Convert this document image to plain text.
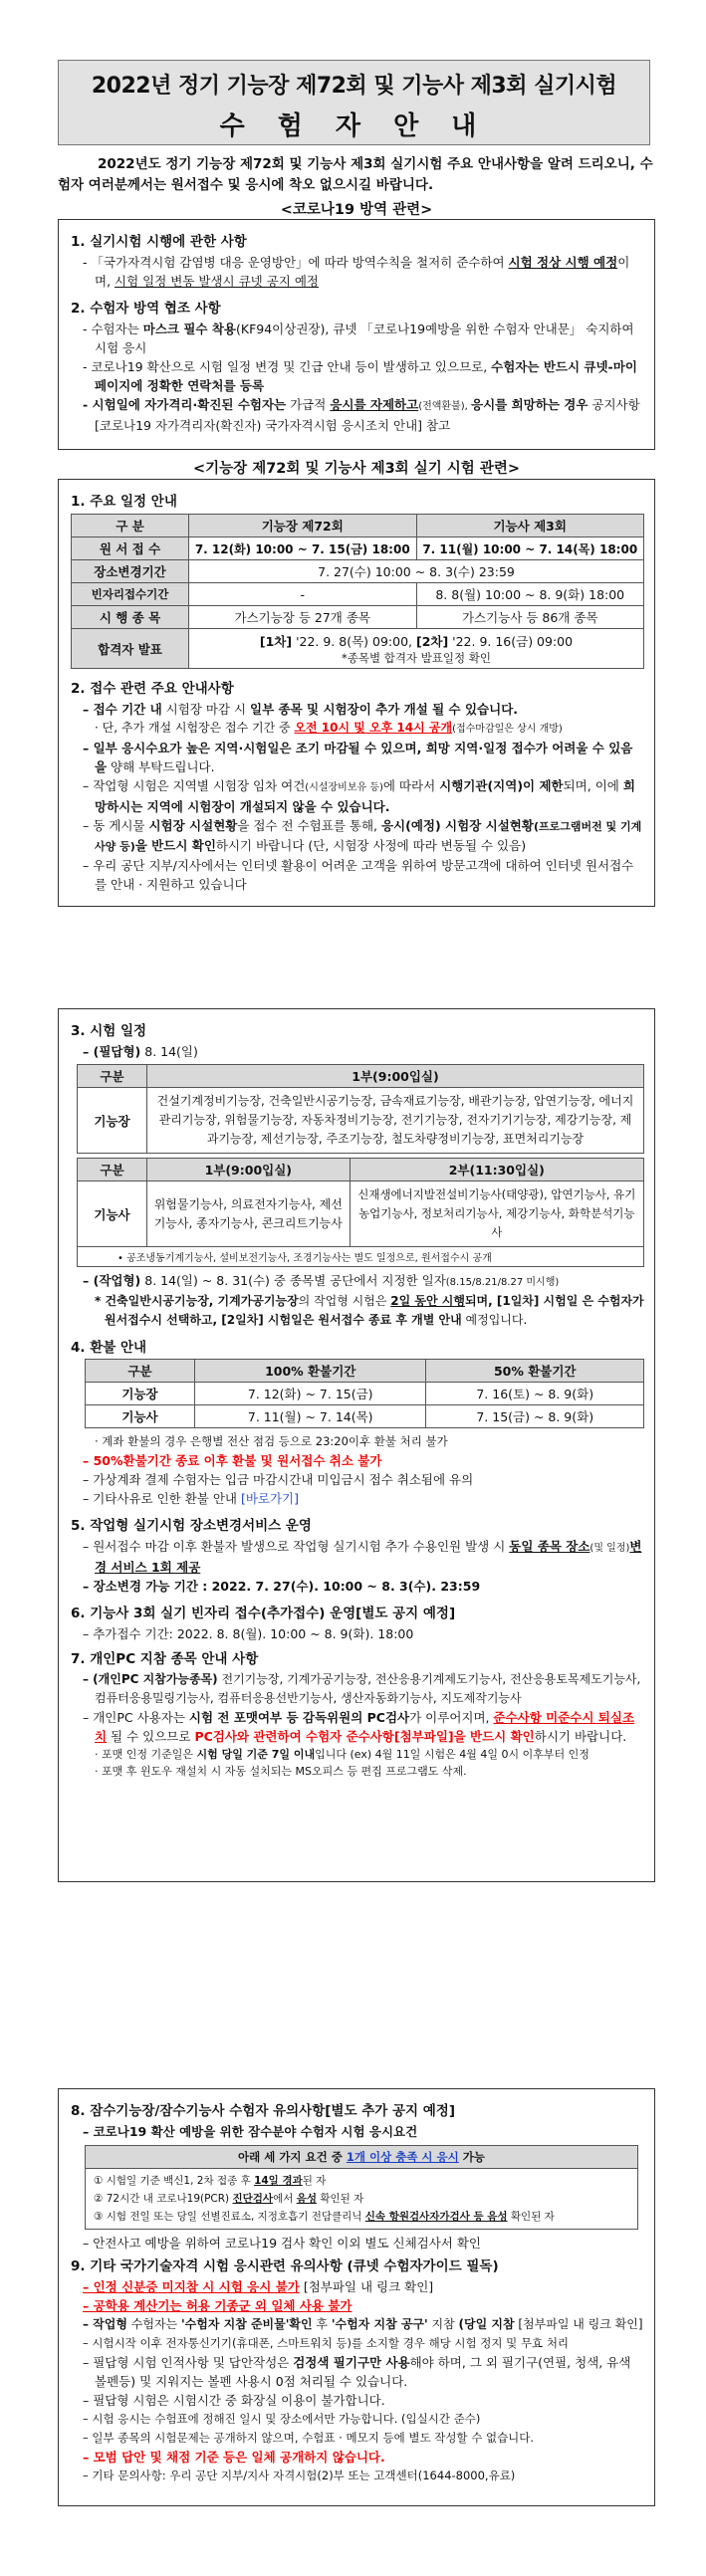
2022년 정기 기능장 제72회 및 기능사 제3회 실기시험
수 험 자 안 내
2022년도 정기 기능장 제72회 및 기능사 제3회 실기시험 주요 안내사항을 알려 드리오니, 수험자 여러분께서는 원서접수 및 응시에 착오 없으시길 바랍니다.
<코로나19 방역 관련>
1. 실기시험 시행에 관한 사항
- 「국가자격시험 감염병 대응 운영방안」에 따라 방역수칙을 철저히 준수하여 시험 정상 시행 예정이며, 시험 일정 변동 발생시 큐넷 공지 예정
2. 수험자 방역 협조 사항
- 수험자는 마스크 필수 착용(KF94이상권장), 큐넷 「코로나19예방을 위한 수험자 안내문」 숙지하여 시험 응시
- 코로나19 확산으로 시험 일정 변경 및 긴급 안내 등이 발생하고 있으므로, 수험자는 반드시 큐넷-마이페이지에 정확한 연락처를 등록
- 시험일에 자가격리·확진된 수험자는 가급적 응시를 자제하고(전액환불), 응시를 희망하는 경우 공지사항 [코로나19 자가격리자(확진자) 국가자격시험 응시조치 안내] 참고
<기능장 제72회 및 기능사 제3회 실기 시험 관련>
1. 주요 일정 안내
구 분	기능장 제72회	기능사 제3회
원 서 접 수	7. 12(화) 10:00 ~ 7. 15(금) 18:00	7. 11(월) 10:00 ~ 7. 14(목) 18:00
장소변경기간	7. 27(수) 10:00 ~ 8. 3(수) 23:59	
빈자리접수기간	-	8. 8(월) 10:00 ~ 8. 9(화) 18:00
시 행 종 목	가스기능장 등 27개 종목	가스기능사 등 86개 종목
합격자 발표	[1차] '22. 9. 8(목) 09:00, [2차] '22. 9. 16(금) 09:00
*종목별 합격자 발표일정 확인	
2. 접수 관련 주요 안내사항
– 접수 기간 내 시험장 마감 시 일부 종목 및 시험장이 추가 개설 될 수 있습니다.
· 단, 추가 개설 시험장은 접수 기간 중 오전 10시 및 오후 14시 공개(접수마감일은 상시 개방)
– 일부 응시수요가 높은 지역·시험일은 조기 마감될 수 있으며, 희망 지역·일정 접수가 어려울 수 있음을 양해 부탁드립니다.
– 작업형 시험은 지역별 시험장 임차 여건(시설장비보유 등)에 따라서 시행기관(지역)이 제한되며, 이에 희망하시는 지역에 시험장이 개설되지 않을 수 있습니다.
– 동 게시물 시험장 시설현황을 접수 전 수험표를 통해, 응시(예정) 시험장 시설현황(프로그램버전 및 기계사양 등)을 반드시 확인하시기 바랍니다 (단, 시험장 사정에 따라 변동될 수 있음)
– 우리 공단 지부/지사에서는 인터넷 활용이 어려운 고객을 위하여 방문고객에 대하여 인터넷 원서접수를 안내 · 지원하고 있습니다
3. 시험 일정
– (필답형) 8. 14(일)
구분	1부(9:00입실)
기능장	건설기계정비기능장, 건축일반시공기능장, 금속재료기능장, 배관기능장, 압연기능장, 에너지관리기능장, 위험물기능장, 자동차정비기능장, 전기기능장, 전자기기기능장, 제강기능장, 제과기능장, 제선기능장, 주조기능장, 철도차량정비기능장, 표면처리기능장
구분	1부(9:00입실)	2부(11:30입실)
기능사	위험물기능사, 의료전자기능사, 제선기능사, 종자기능사, 콘크리트기능사	신재생에너지발전설비기능사(태양광), 압연기능사, 유기농업기능사, 정보처리기능사, 제강기능사, 화학분석기능사
• 공조냉동기계기능사, 설비보전기능사, 조경기능사는 별도 일정으로, 원서접수시 공개		
– (작업형) 8. 14(일) ~ 8. 31(수) 중 종목별 공단에서 지정한 일자(8.15/8.21/8.27 미시행)
* 건축일반시공기능장, 기계가공기능장의 작업형 시험은 2일 동안 시행되며, [1일차] 시험일 은 수험자가 원서접수시 선택하고, [2일차] 시험일은 원서접수 종료 후 개별 안내 예정입니다.
4. 환불 안내
구분	100% 환불기간	50% 환불기간
기능장	7. 12(화) ~ 7. 15(금)	7. 16(토) ~ 8. 9(화)
기능사	7. 11(월) ~ 7. 14(목)	7. 15(금) ~ 8. 9(화)
· 계좌 환불의 경우 은행별 전산 점검 등으로 23:20이후 환불 처리 불가
– 50%환불기간 종료 이후 환불 및 원서접수 취소 불가
– 가상계좌 결제 수험자는 입금 마감시간내 미입금시 접수 취소됨에 유의
– 기타사유로 인한 환불 안내 [바로가기]
5. 작업형 실기시험 장소변경서비스 운영
– 원서접수 마감 이후 환불자 발생으로 작업형 실기시험 추가 수용인원 발생 시 동일 종목 장소(및 일정)변경 서비스 1회 제공
– 장소변경 가능 기간 : 2022. 7. 27(수). 10:00 ~ 8. 3(수). 23:59
6. 기능사 3회 실기 빈자리 접수(추가접수) 운영[별도 공지 예정]
– 추가접수 기간: 2022. 8. 8(월). 10:00 ~ 8. 9(화). 18:00
7. 개인PC 지참 종목 안내 사항
– (개인PC 지참가능종목) 전기기능장, 기계가공기능장, 전산응용기계제도기능사, 전산응용토목제도기능사, 컴퓨터응용밀링기능사, 컴퓨터응용선반기능사, 생산자동화기능사, 지도제작기능사
– 개인PC 사용자는 시험 전 포맷여부 등 감독위원의 PC검사가 이루어지며, 준수사항 미준수시 퇴실조치 될 수 있으므로 PC검사와 관련하여 수험자 준수사항[첨부파일]을 반드시 확인하시기 바랍니다.
· 포맷 인정 기준일은 시험 당일 기준 7일 이내입니다 (ex) 4월 11일 시험은 4월 4일 0시 이후부터 인정
· 포맷 후 윈도우 재설치 시 자동 설치되는 MS오피스 등 편집 프로그램도 삭제.
8. 잠수기능장/잠수기능사 수험자 유의사항[별도 추가 공지 예정]
– 코로나19 확산 예방을 위한 잠수분야 수험자 시험 응시요건
아래 세 가지 요건 중 1개 이상 충족 시 응시 가능
① 시험일 기준 백신1, 2차 접종 후 14일 경과된 자
② 72시간 내 코로나19(PCR) 진단검사에서 음성 확인된 자
③ 시험 전일 또는 당일 선별진료소, 지정호흡기 전담클리닉 신속 항원검사자가검사 등 음성 확인된 자
– 안전사고 예방을 위하여 코로나19 검사 확인 이외 별도 신체검사서 확인
9. 기타 국가기술자격 시험 응시관련 유의사항 (큐넷 수험자가이드 필독)
– 인정 신분증 미지참 시 시험 응시 불가 [첨부파일 내 링크 확인]
– 공학용 계산기는 허용 기종군 외 일체 사용 불가
– 작업형 수험자는 '수험자 지참 준비물'확인 후 '수험자 지참 공구' 지참 (당일 지참 [첨부파일 내 링크 확인]
– 시험시작 이후 전자통신기기(휴대폰, 스마트워치 등)를 소지할 경우 해당 시험 정지 및 무효 처리
– 필답형 시험 인적사항 및 답안작성은 검정색 필기구만 사용해야 하며, 그 외 필기구(연필, 청색, 유색 볼펜등) 및 지워지는 볼펜 사용시 0점 처리될 수 있습니다.
– 필답형 시험은 시험시간 중 화장실 이용이 불가합니다.
– 시험 응시는 수험표에 정해진 일시 및 장소에서만 가능합니다. (입실시간 준수)
– 일부 종목의 시험문제는 공개하지 않으며, 수험표 · 메모지 등에 별도 작성할 수 없습니다.
– 모범 답안 및 채점 기준 등은 일체 공개하지 않습니다.
– 기타 문의사항: 우리 공단 지부/지사 자격시험(2)부 또는 고객센터(1644-8000,유료)
